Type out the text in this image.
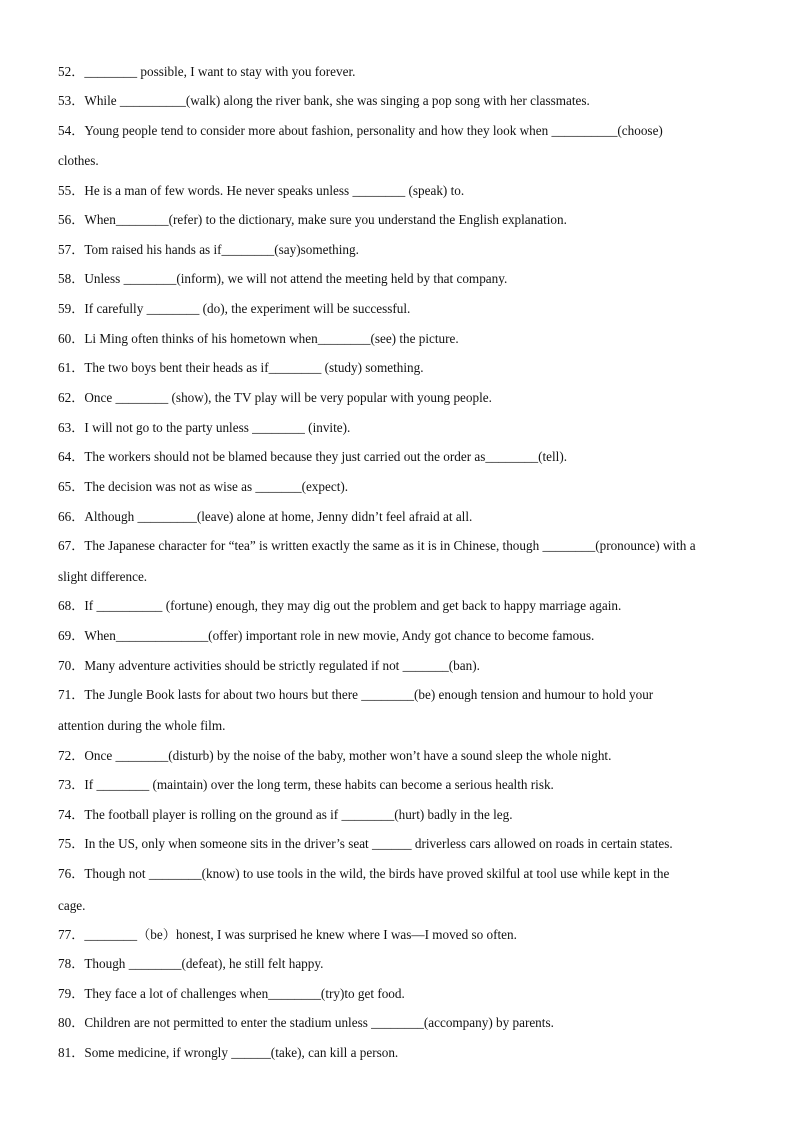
52．________ possible, I want to stay with you forever.
53．While __________(walk) along the river bank, she was singing a pop song with her classmates.
54．Young people tend to consider more about fashion, personality and how they look when __________(choose)
clothes.
55．He is a man of few words. He never speaks unless ________ (speak) to.
56．When________(refer) to the dictionary, make sure you understand the English explanation.
57．Tom raised his hands as if________(say)something.
58．Unless ________(inform), we will not attend the meeting held by that company.
59．If carefully ________ (do), the experiment will be successful.
60．Li Ming often thinks of his hometown when________(see) the picture.
61．The two boys bent their heads as if________ (study) something.
62．Once ________ (show), the TV play will be very popular with young people.
63．I will not go to the party unless ________ (invite).
64．The workers should not be blamed because they just carried out the order as________(tell).
65．The decision was not as wise as _______(expect).
66．Although _________(leave) alone at home, Jenny didn’t feel afraid at all.
67．The Japanese character for “tea” is written exactly the same as it is in Chinese, though ________(pronounce) with a
slight difference.
68．If __________ (fortune) enough, they may dig out the problem and get back to happy marriage again.
69．When______________(offer) important role in new movie, Andy got chance to become famous.
70．Many adventure activities should be strictly regulated if not _______(ban).
71．The Jungle Book lasts for about two hours but there ________(be) enough tension and humour to hold your
attention during the whole film.
72．Once ________(disturb) by the noise of the baby, mother won’t have a sound sleep the whole night.
73．If ________ (maintain) over the long term, these habits can become a serious health risk.
74．The football player is rolling on the ground as if ________(hurt) badly in the leg.
75．In the US, only when someone sits in the driver’s seat ______ driverless cars allowed on roads in certain states.
76．Though not ________(know) to use tools in the wild, the birds have proved skilful at tool use while kept in the
cage.
77．________（be）honest, I was surprised he knew where I was—I moved so often.
78．Though ________(defeat), he still felt happy.
79．They face a lot of challenges when________(try)to get food.
80．Children are not permitted to enter the stadium unless ________(accompany) by parents.
81．Some medicine, if wrongly ______(take), can kill a person.
